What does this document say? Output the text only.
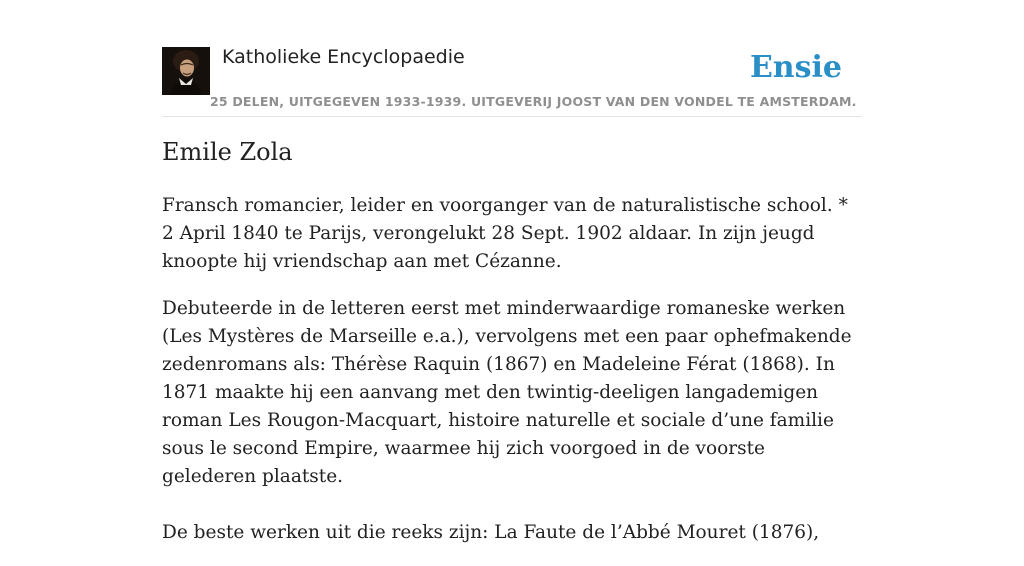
Katholieke Encyclopaedie
25 DELEN, UITGEGEVEN 1933-1939. UITGEVERIJ JOOST VAN DEN VONDEL TE AMSTERDAM.
Ensie
Emile Zola

Fransch romancier, leider en voorganger van de naturalistische school. * 2 April 1840 te Parijs, verongelukt 28 Sept. 1902 aldaar. In zijn jeugd knoopte hij vriendschap aan met Cézanne.

Debuteerde in de letteren eerst met minderwaardige romaneske werken (Les Mystères de Marseille e.a.), vervolgens met een paar ophefmakende zedenromans als: Thérèse Raquin (1867) en Madeleine Férat (1868). In 1871 maakte hij een aanvang met den twintig-deeligen langademigen roman Les Rougon-Macquart, histoire naturelle et sociale d’une familie sous le second Empire, waarmee hij zich voorgoed in de voorste gelederen plaatste.

De beste werken uit die reeks zijn: La Faute de l’Abbé Mouret (1876),
